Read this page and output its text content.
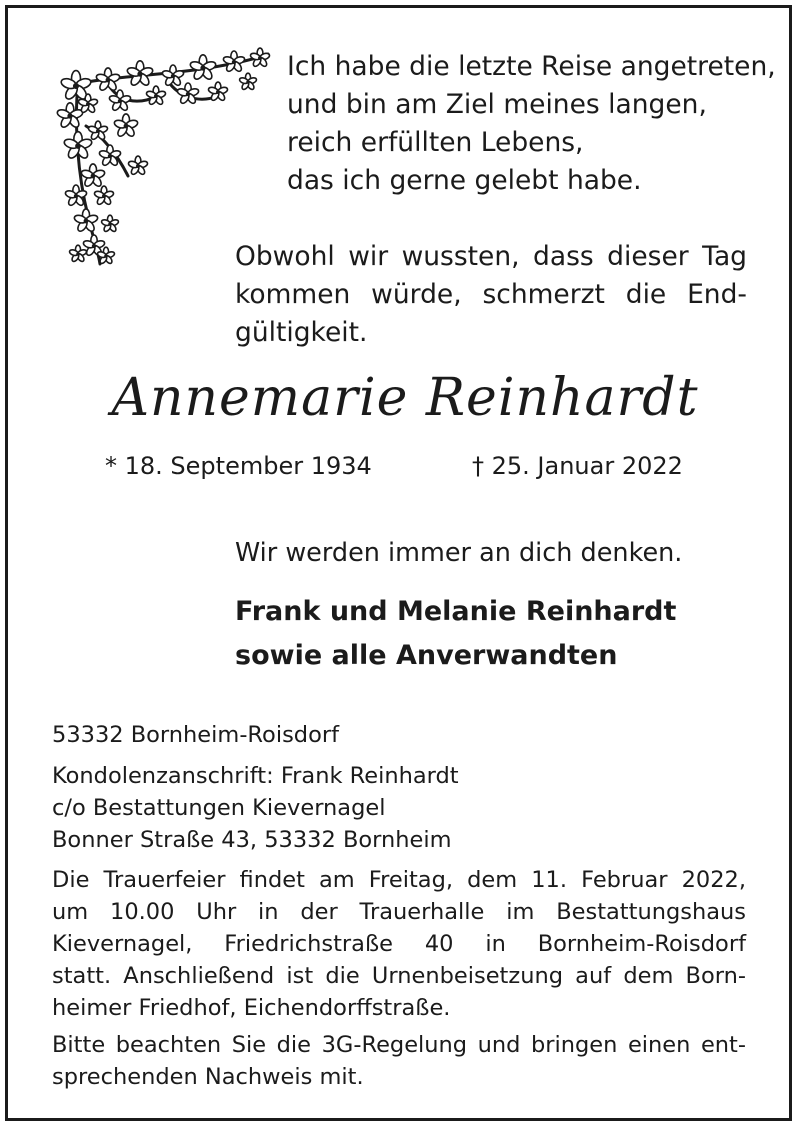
Ich habe die letzte Reise angetreten,
und bin am Ziel meines langen,
reich erfüllten Lebens,
das ich gerne gelebt habe.
Obwohl wir wussten, dass dieser Tag
kommen würde, schmerzt die End-
gültigkeit.
Annemarie Reinhardt
* 18. September 1934	† 25. Januar 2022
Wir werden immer an dich denken.
Frank und Melanie Reinhardt
sowie alle Anverwandten
53332 Bornheim-Roisdorf
Kondolenzanschrift: Frank Reinhardt
c/o Bestattungen Kievernagel
Bonner Straße 43, 53332 Bornheim
Die Trauerfeier findet am Freitag, dem 11. Februar 2022,
um 10.00 Uhr in der Trauerhalle im Bestattungshaus
Kievernagel, Friedrichstraße 40 in Bornheim-Roisdorf
statt. Anschließend ist die Urnenbeisetzung auf dem Born-
heimer Friedhof, Eichendorffstraße.
Bitte beachten Sie die 3G-Regelung und bringen einen ent-
sprechenden Nachweis mit.
